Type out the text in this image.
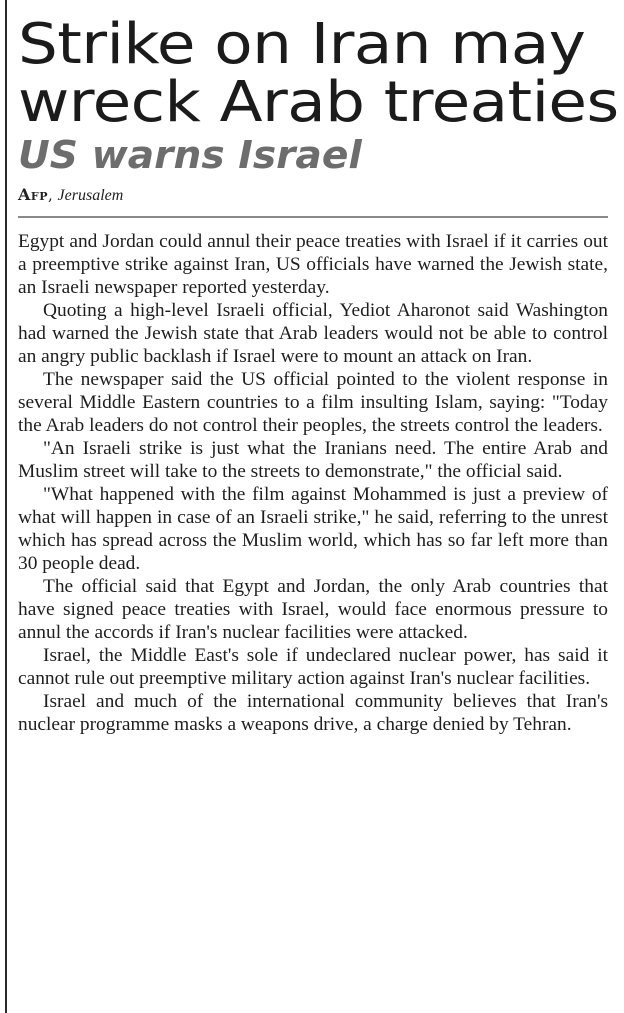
Strike on Iran may
wreck Arab treaties
US warns Israel
Afp, Jerusalem

Egypt and Jordan could annul their peace treaties with Israel if it carries out a preemptive strike against Iran, US officials have warned the Jewish state, an Israeli newspaper reported yesterday.

Quoting a high-level Israeli official, Yediot Aharonot said Washington had warned the Jewish state that Arab leaders would not be able to control an angry public backlash if Israel were to mount an attack on Iran.

The newspaper said the US official pointed to the violent response in several Middle Eastern countries to a film insulting Islam, saying: "Today the Arab leaders do not control their peoples, the streets control the leaders.

"An Israeli strike is just what the Iranians need. The entire Arab and Muslim street will take to the streets to demonstrate," the official said.

"What happened with the film against Mohammed is just a preview of what will happen in case of an Israeli strike," he said, referring to the unrest which has spread across the Muslim world, which has so far left more than 30 people dead.

The official said that Egypt and Jordan, the only Arab countries that have signed peace treaties with Israel, would face enormous pressure to annul the accords if Iran's nuclear facilities were attacked.

Israel, the Middle East's sole if undeclared nuclear power, has said it cannot rule out preemptive military action against Iran's nuclear facilities.

Israel and much of the international community believes that Iran's nuclear programme masks a weapons drive, a charge denied by Tehran.
